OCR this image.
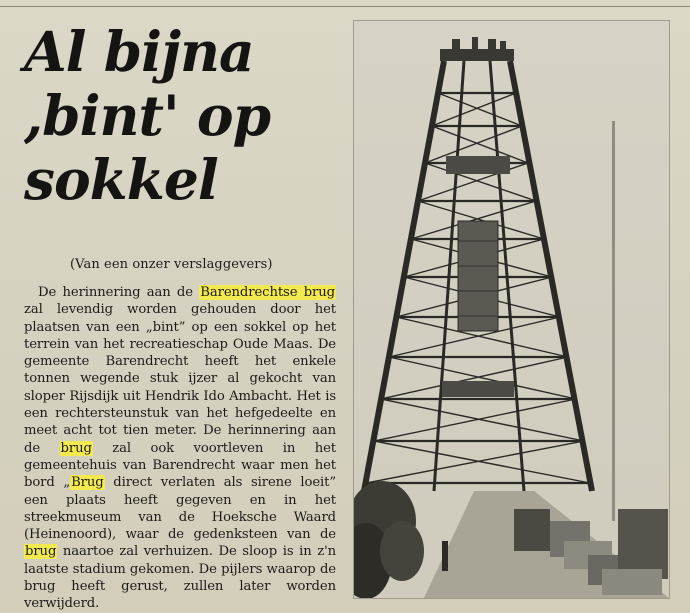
Al bijna
,bint' op
sokkel
(Van een onzer verslaggevers)

De herinnering aan de Barendrechtse brug zal levendig worden gehouden door het plaatsen van een „bint” op een sokkel op het terrein van het recreatieschap Oude Maas. De gemeente Barendrecht heeft het enkele tonnen wegende stuk ijzer al gekocht van sloper Rijsdijk uit Hendrik Ido Ambacht. Het is een rechtersteunstuk van het hefgedeelte en meet acht tot tien meter. De herinnering aan de brug zal ook voortleven in het gemeentehuis van Barendrecht waar men het bord „Brug direct verlaten als sirene loeit” een plaats heeft gegeven en in het streekmuseum van de Hoeksche Waard (Heinenoord), waar de gedenksteen van de brug naartoe zal verhuizen. De sloop is in z'n laatste stadium gekomen. De pijlers waarop de brug heeft gerust, zullen later worden verwijderd.
